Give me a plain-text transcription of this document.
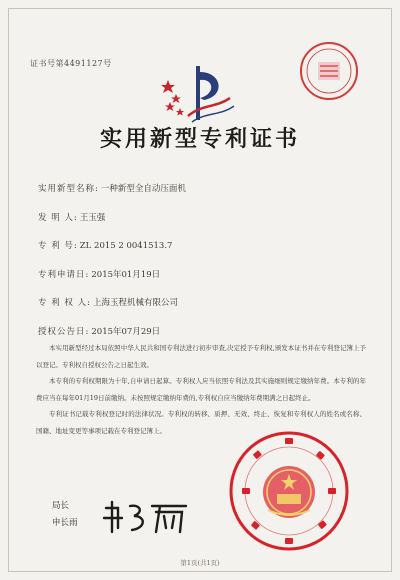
证书号第4491127号
实用新型专利证书
实用新型名称: 一种新型全自动压面机
发 明 人: 王玉强
专 利 号: ZL 2015 2 0041513.7
专利申请日: 2015年01月19日
专 利 权 人: 上海玉程机械有限公司
授权公告日: 2015年07月29日

本实用新型经过本局依照中华人民共和国专利法进行初步审查,决定授予专利权,颁发本证书并在专利登记簿上予以登记。专利权自授权公告之日起生效。

本专利的专利权期限为十年,自申请日起算。专利权人应当依照专利法及其实施细则规定缴纳年费。本专利的年费应当在每年01月19日前缴纳。未按照规定缴纳年费的,专利权自应当缴纳年费期满之日起终止。

专利证书记载专利权登记时的法律状况。专利权的转移、质押、无效、终止、恢复和专利权人的姓名或名称、国籍、地址变更等事项记载在专利登记簿上。

局长
申长雨
第1页(共1页)
